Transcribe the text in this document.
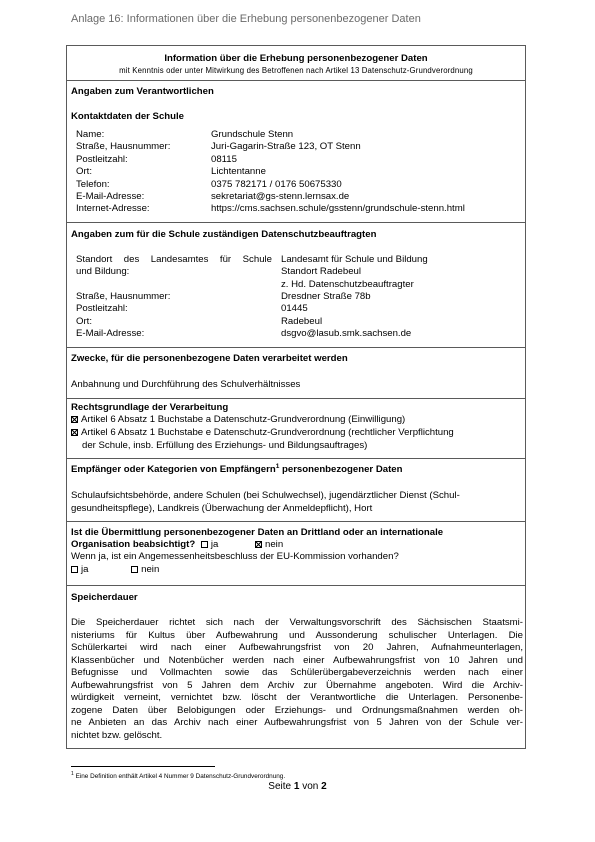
Anlage 16: Informationen über die Erhebung personenbezogener Daten
Information über die Erhebung personenbezogener Daten
mit Kenntnis oder unter Mitwirkung des Betroffenen nach Artikel 13 Datenschutz-Grundverordnung
Angaben zum Verantwortlichen
Kontaktdaten der Schule
Name:
Straße, Hausnummer:
Postleitzahl:
Ort:
Telefon:
E-Mail-Adresse:
Internet-Adresse:
Grundschule Stenn
Juri-Gagarin-Straße 123, OT Stenn
08115
Lichtentanne
0375 782171 / 0176 50675330
sekretariat@gs-stenn.lernsax.de
https://cms.sachsen.schule/gsstenn/grundschule-stenn.html
Angaben zum für die Schule zuständigen Datenschutzbeauftragten
Standort des Landesamtes für Schule
und Bildung:
Landesamt für Schule und Bildung
Standort Radebeul
z. Hd. Datenschutzbeauftragter
Straße, Hausnummer:
Postleitzahl:
Ort:
E-Mail-Adresse:
Dresdner Straße 78b
01445
Radebeul
dsgvo@lasub.smk.sachsen.de
Zwecke, für die personenbezogene Daten verarbeitet werden
Anbahnung und Durchführung des Schulverhältnisses
Rechtsgrundlage der Verarbeitung
Artikel 6 Absatz 1 Buchstabe a Datenschutz-Grundverordnung (Einwilligung)
Artikel 6 Absatz 1 Buchstabe e Datenschutz-Grundverordnung (rechtlicher Verpflichtung
der Schule, insb. Erfüllung des Erziehungs- und Bildungsauftrages)
Empfänger oder Kategorien von Empfängern$^1$ personenbezogener Daten
Schulaufsichtsbehörde, andere Schulen (bei Schulwechsel), jugendärztlicher Dienst (Schul-
gesundheitspflege), Landkreis (Überwachung der Anmeldepflicht), Hort
Ist die Übermittlung personenbezogener Daten an Drittland oder an internationale
Organisation beabsichtigt? ja	nein
Wenn ja, ist ein Angemessenheitsbeschluss der EU-Kommission vorhanden?
ja	nein
Speicherdauer
Die Speicherdauer richtet sich nach der Verwaltungsvorschrift des Sächsischen Staatsmi-
nisteriums für Kultus über Aufbewahrung und Aussonderung schulischer Unterlagen. Die
Schülerkartei wird nach einer Aufbewahrungsfrist von 20 Jahren, Aufnahmeunterlagen,
Klassenbücher und Notenbücher werden nach einer Aufbewahrungsfrist von 10 Jahren und
Befugnisse und Vollmachten sowie das Schülerübergabeverzeichnis werden nach einer
Aufbewahrungsfrist von 5 Jahren dem Archiv zur Übernahme angeboten. Wird die Archiv-
würdigkeit verneint, vernichtet bzw. löscht der Verantwortliche die Unterlagen. Personenbe-
zogene Daten über Belobigungen oder Erziehungs- und Ordnungsmaßnahmen werden oh-
ne Anbieten an das Archiv nach einer Aufbewahrungsfrist von 5 Jahren von der Schule ver-
nichtet bzw. gelöscht.
$^1$ Eine Definition enthält Artikel 4 Nummer 9 Datenschutz-Grundverordnung.
Seite 1 von 2
